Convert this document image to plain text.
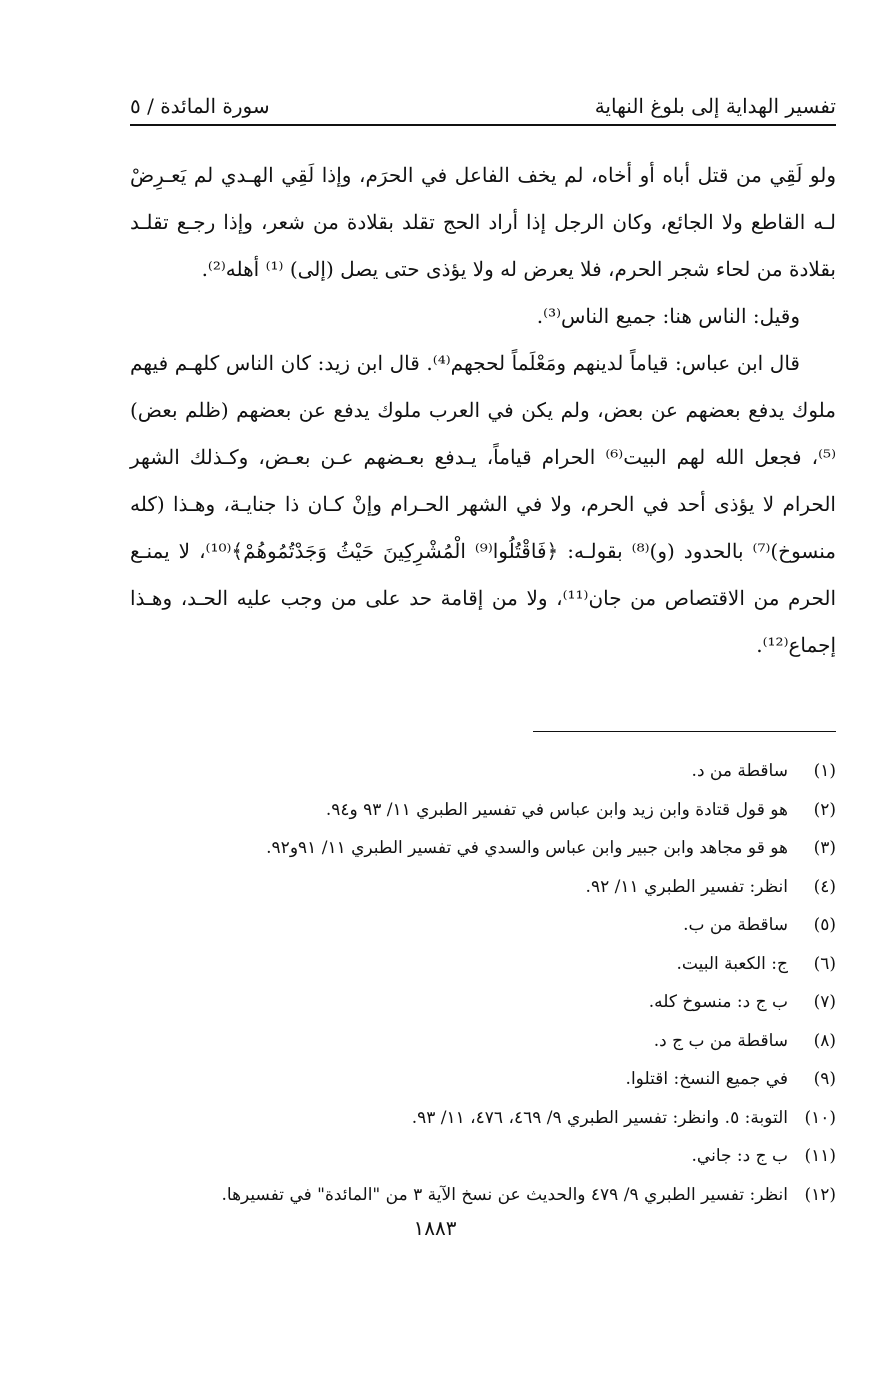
تفسير الهداية إلى بلوغ النهاية
سورة المائدة / ٥

ولو لَقِي من قتل أباه أو أخاه، لم يخف الفاعل في الحرَم، وإذا لَقِي الهـدي لم يَعـرِضْ لـه القاطع ولا الجائع، وكان الرجل إذا أراد الحج تقلد بقلادة من شعر، وإذا رجـع تقلـد بقلادة من لحاء شجر الحرم، فلا يعرض له ولا يؤذى حتى يصل (إلى) ⁽¹⁾ أهله⁽²⁾.

وقيل: الناس هنا: جميع الناس⁽³⁾.

قال ابن عباس: قياماً لدينهم ومَعْلَماً لحجهم⁽⁴⁾. قال ابن زيد: كان الناس كلهـم فيهم ملوك يدفع بعضهم عن بعض، ولم يكن في العرب ملوك يدفع عن بعضهم (ظلم بعض)⁽⁵⁾، فجعل الله لهم البيت⁽⁶⁾ الحرام قياماً، يـدفع بعـضهم عـن بعـض، وكـذلك الشهر الحرام لا يؤذى أحد في الحرم، ولا في الشهر الحـرام وإنْ كـان ذا جنايـة، وهـذا (كله منسوخ)⁽⁷⁾ بالحدود (و)⁽⁸⁾ بقولـه: ﴿فَاقْتُلُوا⁽⁹⁾ الْمُشْرِكِينَ حَيْثُ وَجَدْتُمُوهُمْ﴾⁽¹⁰⁾، لا يمنـع الحرم من الاقتصاص من جان⁽¹¹⁾، ولا من إقامة حد على من وجب عليه الحـد، وهـذا إجماع⁽¹²⁾.

(١)
ساقطة من د.
(٢)
هو قول قتادة وابن زيد وابن عباس في تفسير الطبري ١١/ ٩٣ و٩٤.
(٣)
هو قو مجاهد وابن جبير وابن عباس والسدي في تفسير الطبري ١١/ ٩١و٩٢.
(٤)
انظر: تفسير الطبري ١١/ ٩٢.
(٥)
ساقطة من ب.
(٦)
ج: الكعبة البيت.
(٧)
ب ج د: منسوخ كله.
(٨)
ساقطة من ب ج د.
(٩)
في جميع النسخ: اقتلوا.
(١٠)
التوبة: ٥. وانظر: تفسير الطبري ٩/ ٤٦٩، ٤٧٦، ١١/ ٩٣.
(١١)
ب ج د: جاني.
(١٢)
انظر: تفسير الطبري ٩/ ٤٧٩ والحديث عن نسخ الآية ٣ من "المائدة" في تفسيرها.
١٨٨٣
